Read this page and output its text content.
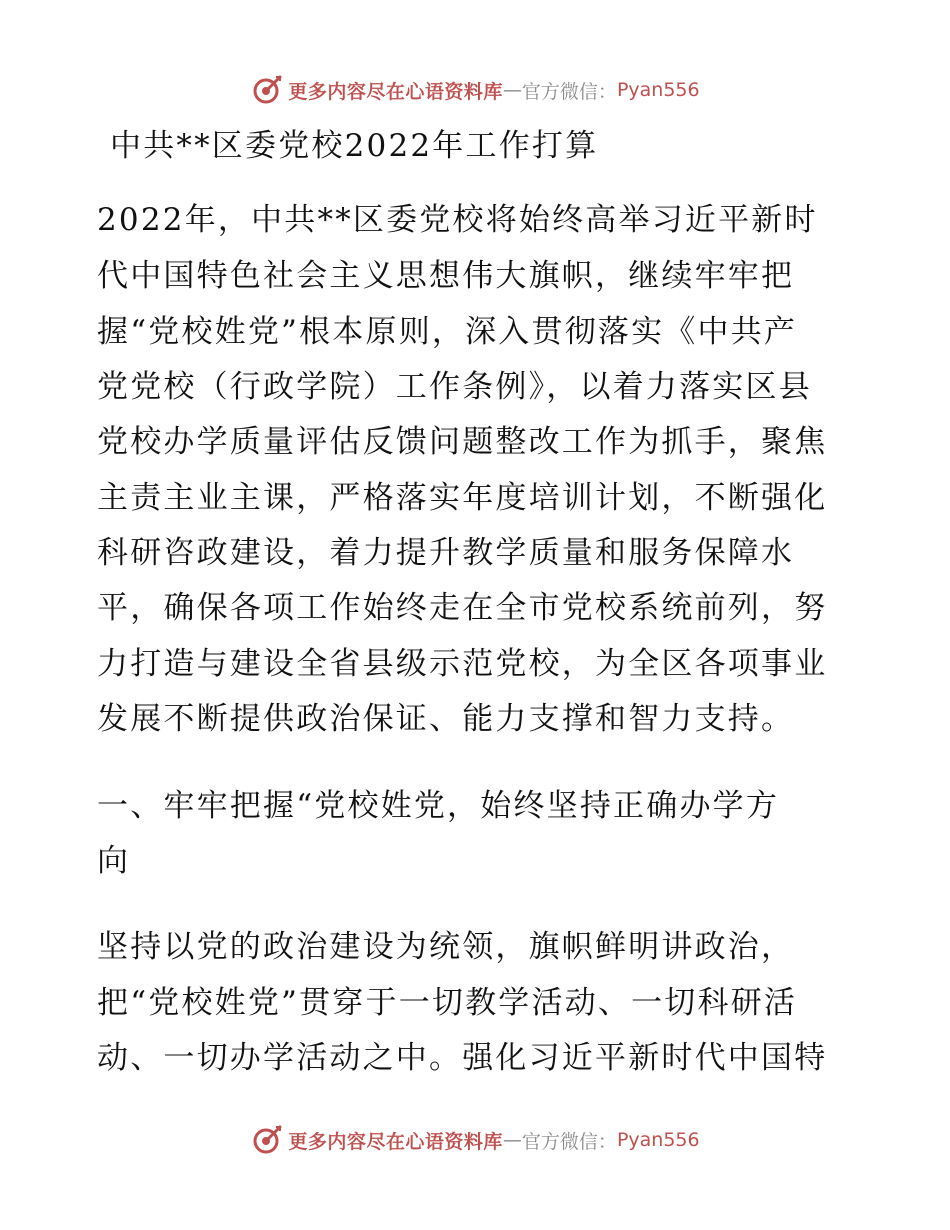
更多内容尽在心语资料库 — 官方微信： Pyan556
中共**区委党校2022年工作打算
2022年，中共**区委党校将始终高举习近平新时
代中国特色社会主义思想伟大旗帜，继续牢牢把
握“党校姓党”根本原则，深入贯彻落实《中共产
党党校（行政学院）工作条例》，以着力落实区县
党校办学质量评估反馈问题整改工作为抓手，聚焦
主责主业主课，严格落实年度培训计划，不断强化
科研咨政建设，着力提升教学质量和服务保障水
平，确保各项工作始终走在全市党校系统前列，努
力打造与建设全省县级示范党校，为全区各项事业
发展不断提供政治保证、能力支撑和智力支持。
一、牢牢把握“党校姓党，始终坚持正确办学方
向
坚持以党的政治建设为统领，旗帜鲜明讲政治，
把“党校姓党”贯穿于一切教学活动、一切科研活
动、一切办学活动之中。强化习近平新时代中国特
更多内容尽在心语资料库 — 官方微信： Pyan556
